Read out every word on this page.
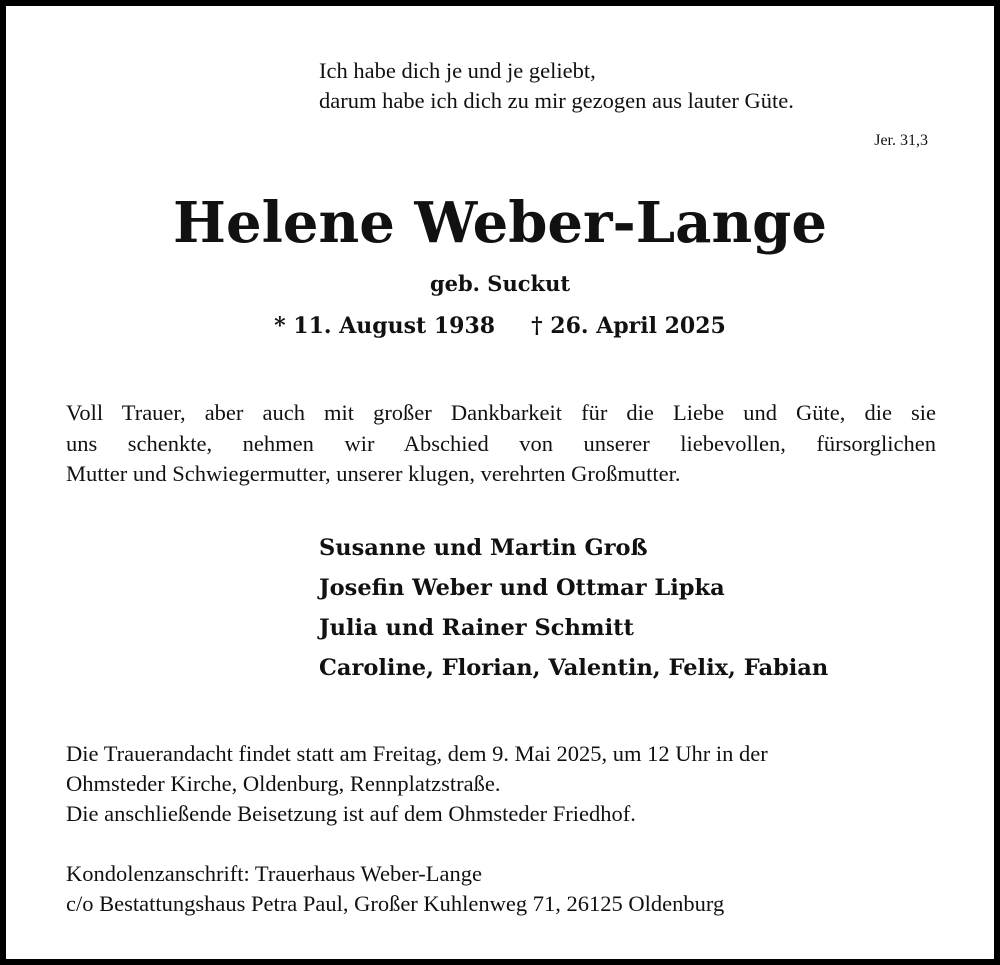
Ich habe dich je und je geliebt,
darum habe ich dich zu mir gezogen aus lauter Güte.
Jer. 31,3
Helene Weber-Lange
geb. Suckut
* 11. August 1938 † 26. April 2025
Voll Trauer, aber auch mit großer Dankbarkeit für die Liebe und Güte, die sie
uns schenkte, nehmen wir Abschied von unserer liebevollen, fürsorglichen
Mutter und Schwiegermutter, unserer klugen, verehrten Großmutter.
Susanne und Martin Groß
Josefin Weber und Ottmar Lipka
Julia und Rainer Schmitt
Caroline, Florian, Valentin, Felix, Fabian
Die Trauerandacht findet statt am Freitag, dem 9. Mai 2025, um 12 Uhr in der
Ohmsteder Kirche, Oldenburg, Rennplatzstraße.
Die anschließende Beisetzung ist auf dem Ohmsteder Friedhof.
Kondolenzanschrift: Trauerhaus Weber-Lange
c/o Bestattungshaus Petra Paul, Großer Kuhlenweg 71, 26125 Oldenburg
